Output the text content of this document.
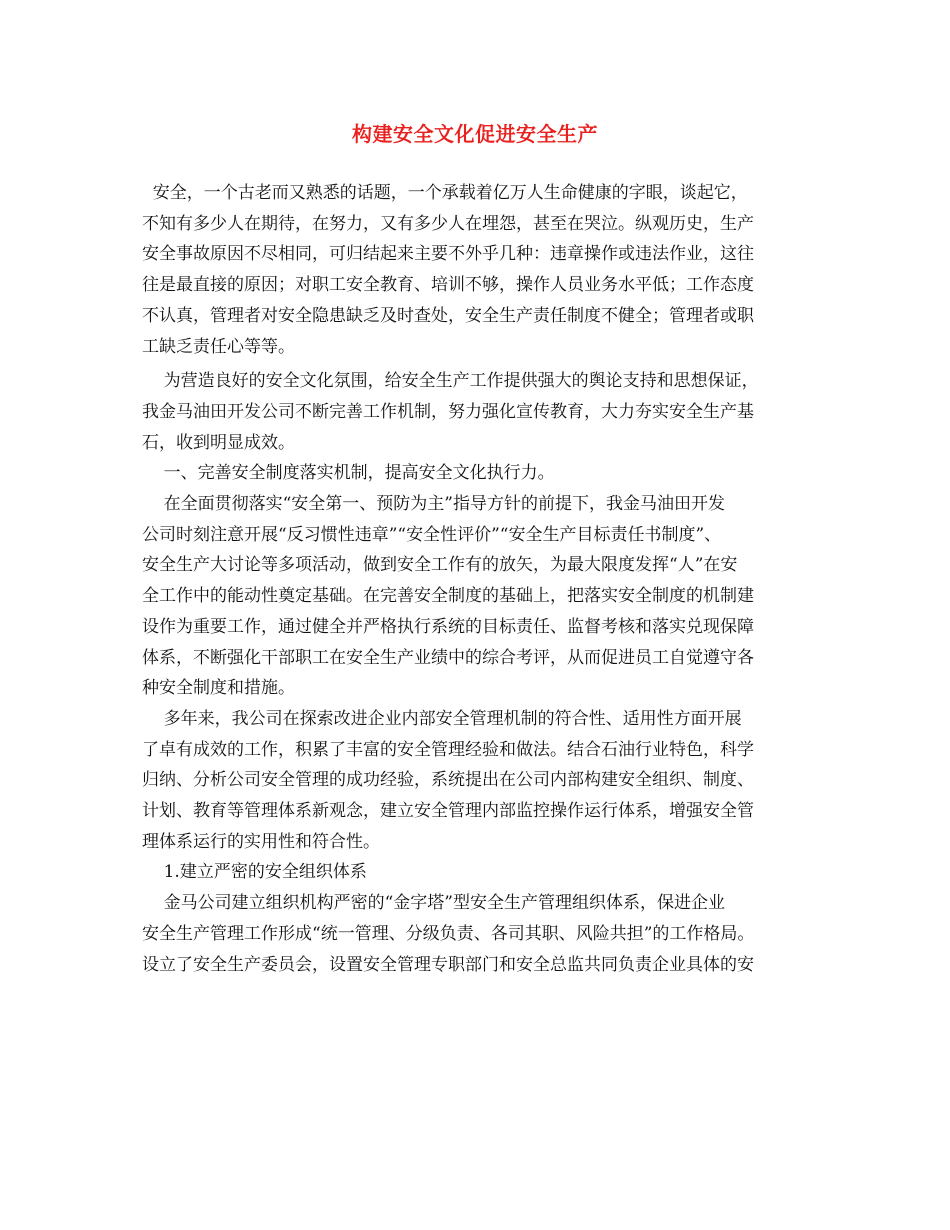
构建安全文化促进安全生产

安全，一个古老而又熟悉的话题，一个承载着亿万人生命健康的字眼，谈起它，
不知有多少人在期待，在努力，又有多少人在埋怨，甚至在哭泣。纵观历史，生产
安全事故原因不尽相同，可归结起来主要不外乎几种：违章操作或违法作业，这往
往是最直接的原因；对职工安全教育、培训不够，操作人员业务水平低；工作态度
不认真，管理者对安全隐患缺乏及时查处，安全生产责任制度不健全；管理者或职
工缺乏责任心等等。

为营造良好的安全文化氛围，给安全生产工作提供强大的舆论支持和思想保证，
我金马油田开发公司不断完善工作机制，努力强化宣传教育，大力夯实安全生产基
石，收到明显成效。

一、完善安全制度落实机制，提高安全文化执行力。

在全面贯彻落实“安全第一、预防为主”指导方针的前提下，我金马油田开发
公司时刻注意开展“反习惯性违章”“安全性评价”“安全生产目标责任书制度”、
安全生产大讨论等多项活动，做到安全工作有的放矢，为最大限度发挥“人”在安
全工作中的能动性奠定基础。在完善安全制度的基础上，把落实安全制度的机制建
设作为重要工作，通过健全并严格执行系统的目标责任、监督考核和落实兑现保障
体系，不断强化干部职工在安全生产业绩中的综合考评，从而促进员工自觉遵守各
种安全制度和措施。

多年来，我公司在探索改进企业内部安全管理机制的符合性、适用性方面开展
了卓有成效的工作，积累了丰富的安全管理经验和做法。结合石油行业特色，科学
归纳、分析公司安全管理的成功经验，系统提出在公司内部构建安全组织、制度、
计划、教育等管理体系新观念，建立安全管理内部监控操作运行体系，增强安全管
理体系运行的实用性和符合性。

1.建立严密的安全组织体系

金马公司建立组织机构严密的“金字塔”型安全生产管理组织体系，保进企业
安全生产管理工作形成“统一管理、分级负责、各司其职、风险共担”的工作格局。
设立了安全生产委员会，设置安全管理专职部门和安全总监共同负责企业具体的安
